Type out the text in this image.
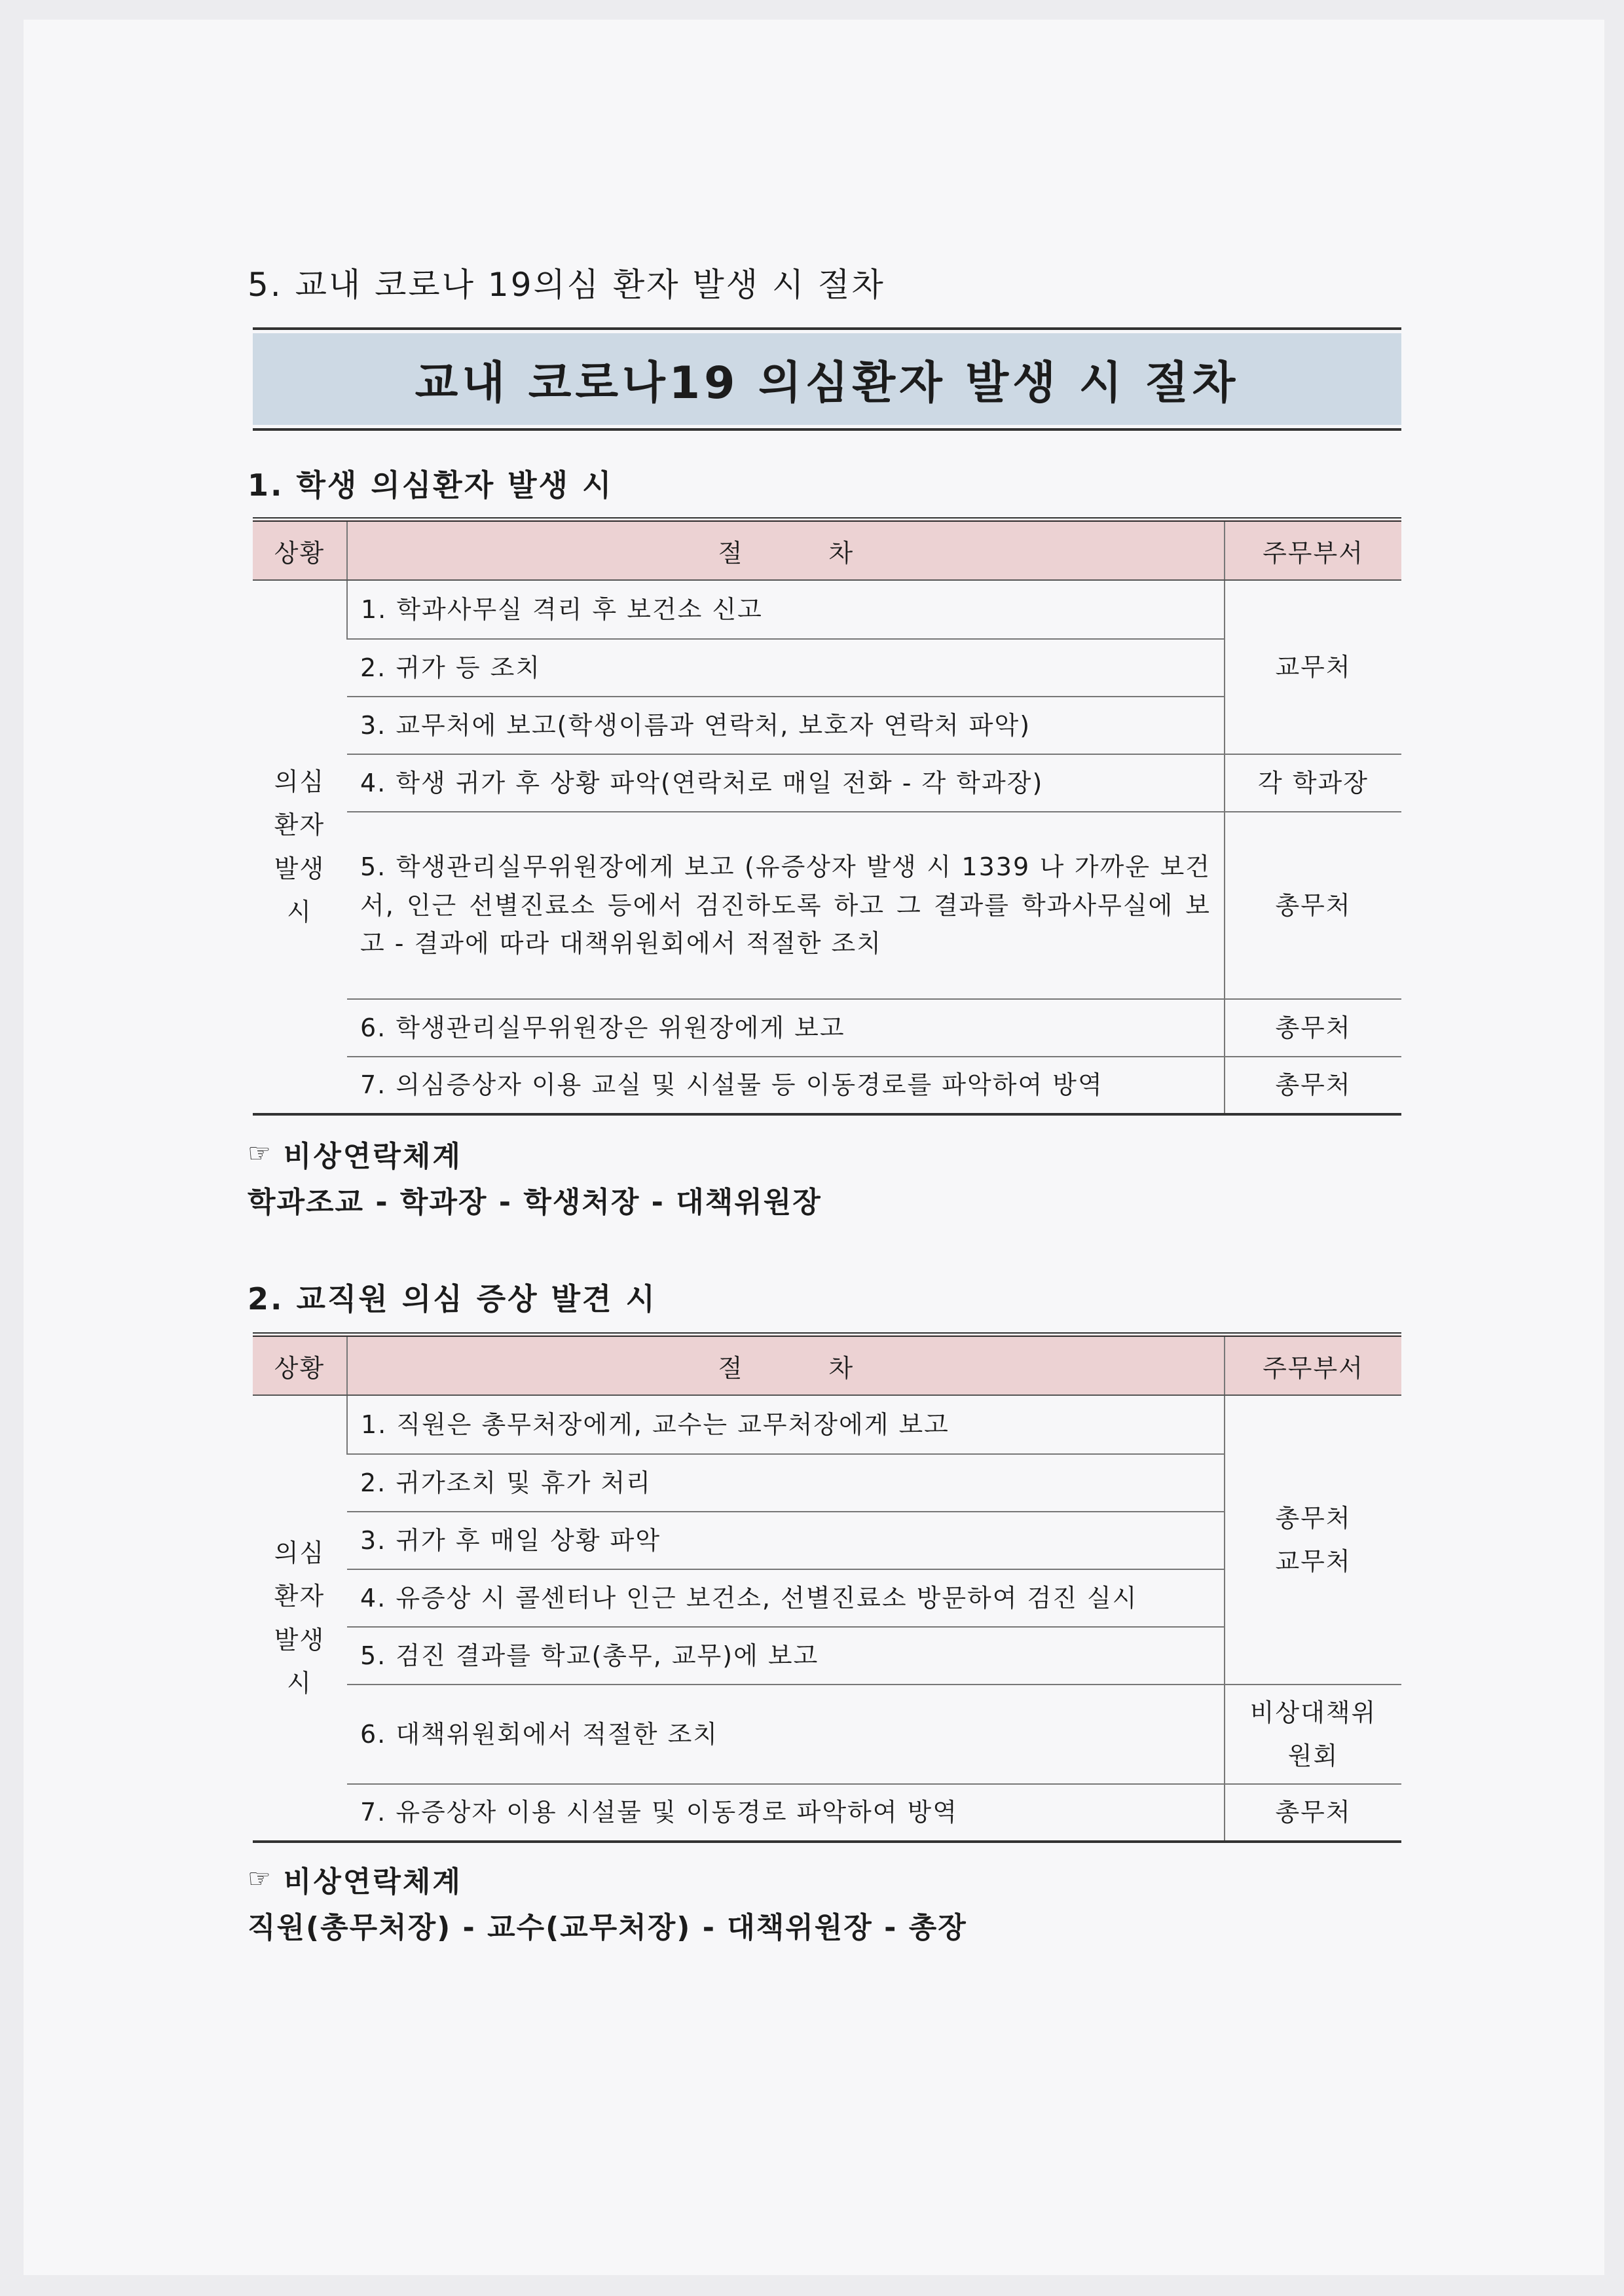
5. 교내 코로나 19의심 환자 발생 시 절차
교내 코로나19 의심환자 발생 시 절차
1. 학생 의심환자 발생 시
상황	절 차	주무부서

의심 환자 발생 시	1. 학과사무실 격리 후 보건소 신고	교무처
	2. 귀가 등 조치	
	3. 교무처에 보고(학생이름과 연락처, 보호자 연락처 파악)	
	4. 학생 귀가 후 상황 파악(연락처로 매일 전화 - 각 학과장)	각 학과장
	5. 학생관리실무위원장에게 보고 (유증상자 발생 시 1339 나 가까운 보건서, 인근 선별진료소 등에서 검진하도록 하고 그 결과를 학과사무실에 보고 - 결과에 따라 대책위원회에서 적절한 조치	총무처
	6. 학생관리실무위원장은 위원장에게 보고	총무처
	7. 의심증상자 이용 교실 및 시설물 등 이동경로를 파악하여 방역	총무처
☞ 비상연락체계

학과조교 - 학과장 - 학생처장 - 대책위원장

2. 교직원 의심 증상 발견 시
상황	절 차	주무부서

의심 환자 발생 시	1. 직원은 총무처장에게, 교수는 교무처장에게 보고	총무처 교무처

	2. 귀가조치 및 휴가 처리	
	3. 귀가 후 매일 상황 파악	
	4. 유증상 시 콜센터나 인근 보건소, 선별진료소 방문하여 검진 실시	
	5. 검진 결과를 학교(총무, 교무)에 보고	
	6. 대책위원회에서 적절한 조치	비상대책위 원회

	7. 유증상자 이용 시설물 및 이동경로 파악하여 방역	총무처
☞ 비상연락체계

직원(총무처장) - 교수(교무처장) - 대책위원장 - 총장
